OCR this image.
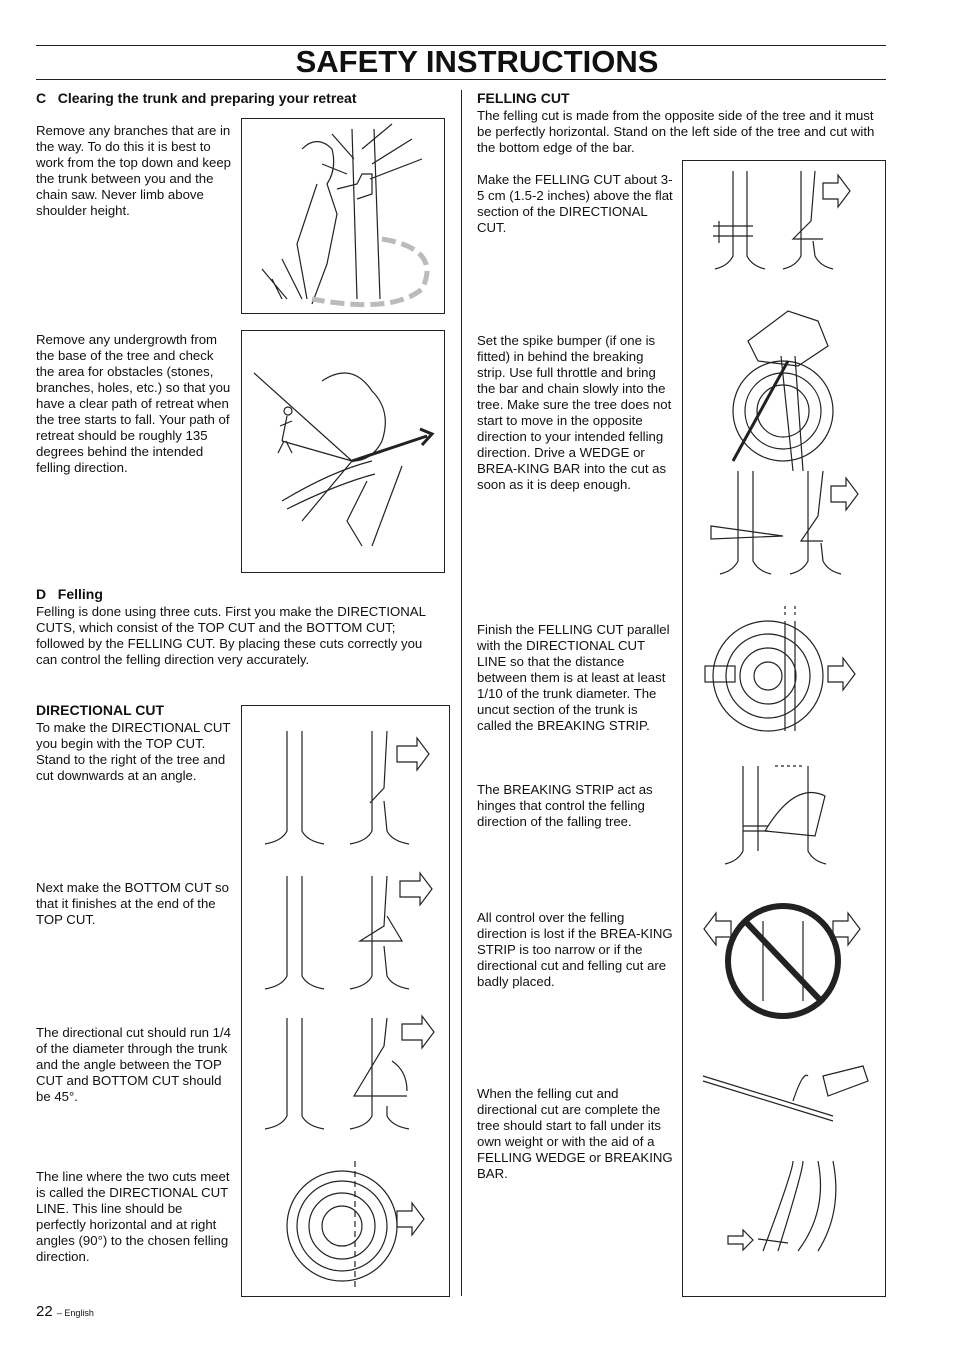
SAFETY INSTRUCTIONS
C   Clearing the trunk and preparing your retreat
Remove any branches that are in the way. To do this it is best to work from the top down and keep the trunk between you and the chain saw. Never limb above shoulder height.
Remove any undergrowth from the base of the tree and check the area for obstacles (stones, branches, holes, etc.) so that you have a clear path of retreat when the tree starts to fall. Your path of retreat should be roughly 135 degrees behind the intended felling direction.
D   Felling
Felling is done using three cuts. First you make the DIRECTIONAL CUTS, which consist of the TOP CUT and the BOTTOM CUT; followed by the FELLING CUT. By placing these cuts correctly you can control the felling direction very accurately.
DIRECTIONAL CUT
To make the DIRECTIONAL CUT you begin with the TOP CUT. Stand to the right of the tree and cut downwards at an angle.
Next make the BOTTOM CUT so that it finishes at the end of the TOP CUT.
The directional cut should run 1/4 of the diameter through the trunk and the angle between the TOP CUT and BOTTOM CUT should be 45°.
The line where the two cuts meet is called the DIRECTIONAL CUT LINE. This line should be perfectly horizontal and at right angles (90°) to the chosen felling direction.
FELLING CUT
The felling cut is made from the opposite side of the tree and it must be perfectly horizontal. Stand on the left side of the tree and cut with the bottom edge of the bar.
Make the FELLING CUT about 3-5 cm (1.5-2 inches) above the flat section of the DIRECTIONAL CUT.
Set the spike bumper (if one is fitted) in behind the breaking strip. Use full throttle and bring the bar and chain slowly into the tree. Make sure the tree does not start to move in the opposite direction to your intended felling direction. Drive a WEDGE or BREA-KING BAR into the cut as soon as it is deep enough.
Finish the FELLING CUT parallel with the DIRECTIONAL CUT LINE so that the distance between them is at least at least 1/10 of the trunk diameter. The uncut section of the trunk is called the BREAKING STRIP.
The BREAKING STRIP act as hinges that control the felling direction of the falling tree.
All control over the felling direction is lost if the BREA-KING STRIP is too narrow or if the directional cut and felling cut are badly placed.
When the felling cut and directional cut are complete the tree should start to fall under its own weight or with the aid of a FELLING WEDGE or BREAKING BAR.
22 – English
